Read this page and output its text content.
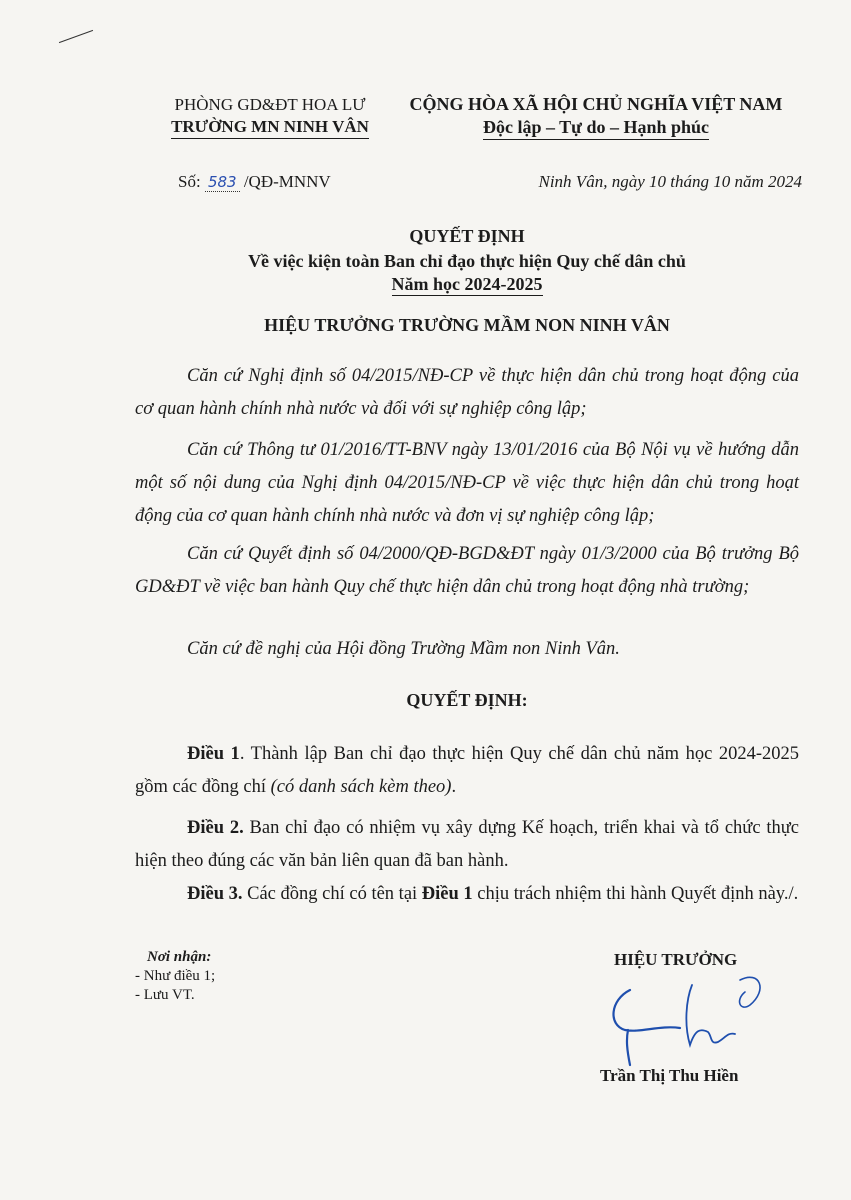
PHÒNG GD&ĐT HOA LƯ
TRƯỜNG MN NINH VÂN
CỘNG HÒA XÃ HỘI CHỦ NGHĨA VIỆT NAM
Độc lập – Tự do – Hạnh phúc
Số: 583 /QĐ-MNNV	Ninh Vân, ngày 10 tháng 10 năm 2024
QUYẾT ĐỊNH
Về việc kiện toàn Ban chỉ đạo thực hiện Quy chế dân chủ
Năm học 2024-2025
HIỆU TRƯỞNG TRƯỜNG MẦM NON NINH VÂN
Căn cứ Nghị định số 04/2015/NĐ-CP về thực hiện dân chủ trong hoạt động của cơ quan hành chính nhà nước và đối với sự nghiệp công lập;
Căn cứ Thông tư 01/2016/TT-BNV ngày 13/01/2016 của Bộ Nội vụ về hướng dẫn một số nội dung của Nghị định 04/2015/NĐ-CP về việc thực hiện dân chủ trong hoạt động của cơ quan hành chính nhà nước và đơn vị sự nghiệp công lập;
Căn cứ Quyết định số 04/2000/QĐ-BGD&ĐT ngày 01/3/2000 của Bộ trưởng Bộ GD&ĐT về việc ban hành Quy chế thực hiện dân chủ trong hoạt động nhà trường;
Căn cứ đề nghị của Hội đồng Trường Mầm non Ninh Vân.
QUYẾT ĐỊNH:
Điều 1. Thành lập Ban chỉ đạo thực hiện Quy chế dân chủ năm học 2024-2025 gồm các đồng chí (có danh sách kèm theo).
Điều 2. Ban chỉ đạo có nhiệm vụ xây dựng Kế hoạch, triển khai và tổ chức thực hiện theo đúng các văn bản liên quan đã ban hành.
Điều 3. Các đồng chí có tên tại Điều 1 chịu trách nhiệm thi hành Quyết định này./.
Nơi nhận:
- Như điều 1;
- Lưu VT.
HIỆU TRƯỞNG
Trần Thị Thu Hiền
